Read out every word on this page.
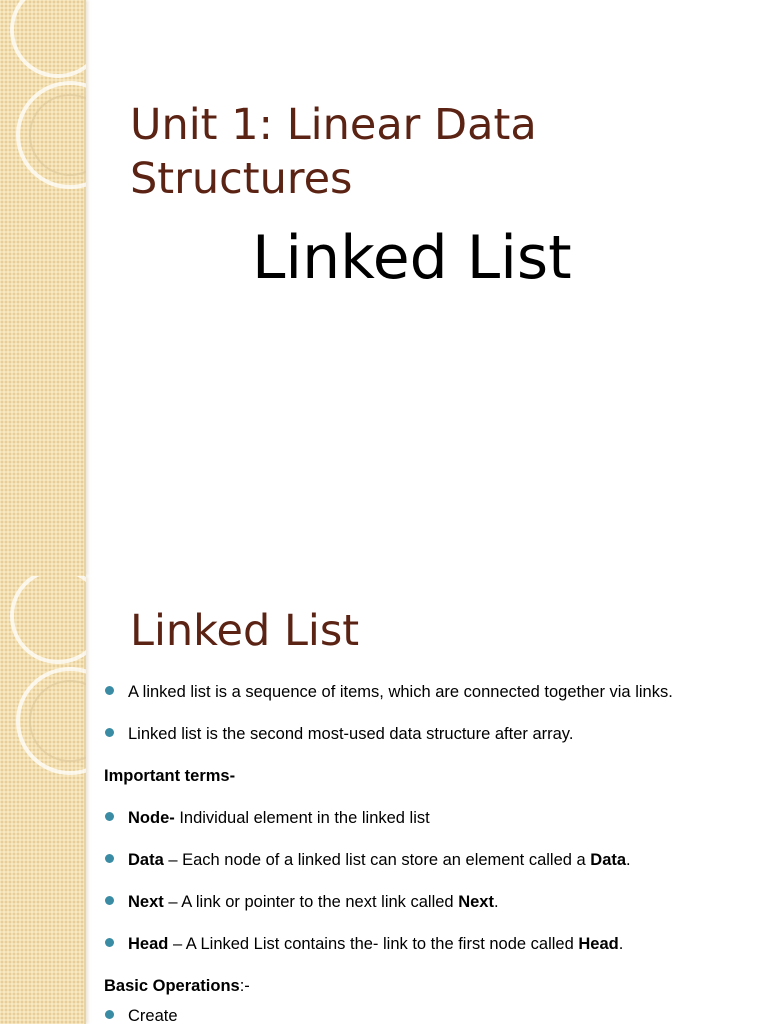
Unit 1: Linear Data Structures
Linked List
Linked List
A linked list is a sequence of items, which are connected together via links.
Linked list is the second most-used data structure after array.
Important terms-
Node- Individual element in the linked list
Data – Each node of a linked list can store an element called a Data.
Next – A link or pointer to the next link called Next.
Head – A Linked List contains the- link to the first node called Head.
Basic Operations:-
Create
